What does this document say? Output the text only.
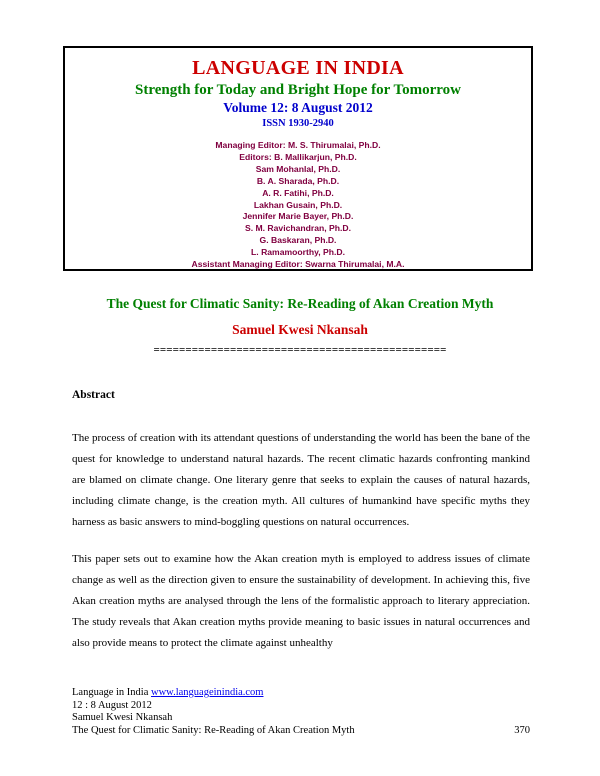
LANGUAGE IN INDIA
Strength for Today and Bright Hope for Tomorrow
Volume 12: 8 August 2012
ISSN 1930-2940
Managing Editor: M. S. Thirumalai, Ph.D.
Editors: B. Mallikarjun, Ph.D.
Sam Mohanlal, Ph.D.
B. A. Sharada, Ph.D.
A. R. Fatihi, Ph.D.
Lakhan Gusain, Ph.D.
Jennifer Marie Bayer, Ph.D.
S. M. Ravichandran, Ph.D.
G. Baskaran, Ph.D.
L. Ramamoorthy, Ph.D.
Assistant Managing Editor: Swarna Thirumalai, M.A.
The Quest for Climatic Sanity: Re-Reading of Akan Creation Myth
Samuel Kwesi Nkansah
==============================================
Abstract
The process of creation with its attendant questions of understanding the world has been the bane of the quest for knowledge to understand natural hazards. The recent climatic hazards confronting mankind are blamed on climate change. One literary genre that seeks to explain the causes of natural hazards, including climate change, is the creation myth. All cultures of humankind have specific myths they harness as basic answers to mind-boggling questions on natural occurrences.
This paper sets out to examine how the Akan creation myth is employed to address issues of climate change as well as the direction given to ensure the sustainability of development. In achieving this, five Akan creation myths are analysed through the lens of the formalistic approach to literary appreciation. The study reveals that Akan creation myths provide meaning to basic issues in natural occurrences and also provide means to protect the climate against unhealthy
Language in India www.languageinindia.com
12 : 8 August 2012
Samuel Kwesi Nkansah
The Quest for Climatic Sanity: Re-Reading of Akan Creation Myth	370
